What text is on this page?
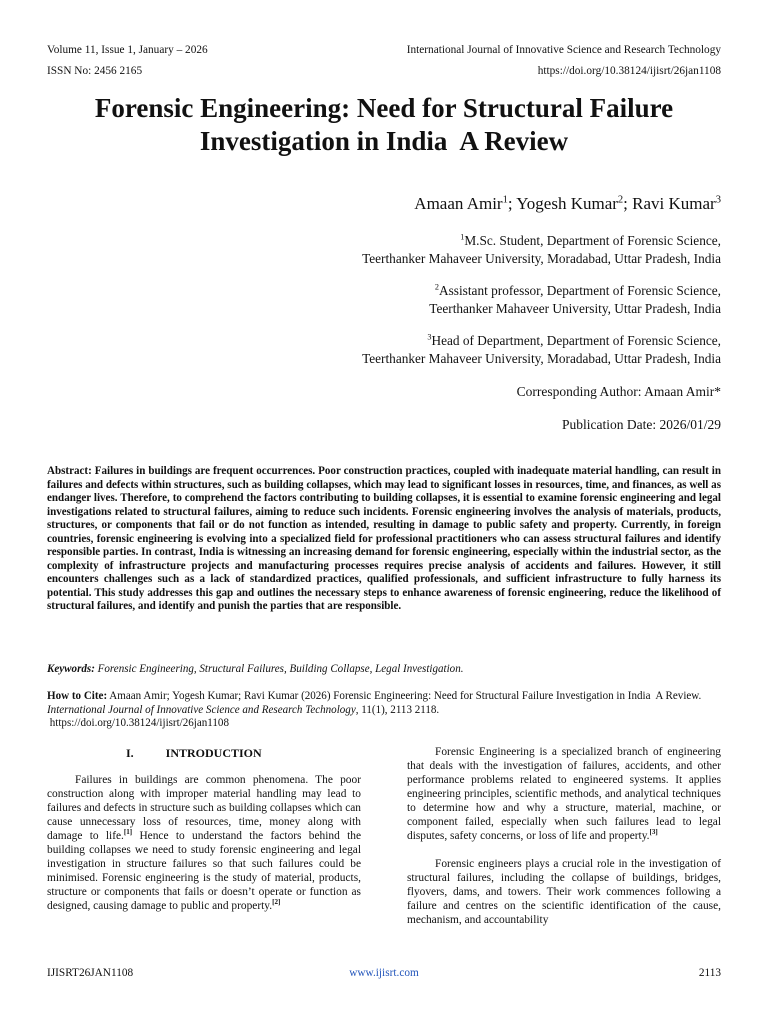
Volume 11, Issue 1, January – 2026	International Journal of Innovative Science and Research Technology
ISSN No: 2456 2165	https://doi.org/10.38124/ijisrt/26jan1108
Forensic Engineering: Need for Structural Failure
Investigation in India  A Review
Amaan Amir$^1$; Yogesh Kumar$^2$; Ravi Kumar$^3$
$^1$M.Sc. Student, Department of Forensic Science,
Teerthanker Mahaveer University, Moradabad, Uttar Pradesh, India
$^2$Assistant professor, Department of Forensic Science,
Teerthanker Mahaveer University, Uttar Pradesh, India
$^3$Head of Department, Department of Forensic Science,
Teerthanker Mahaveer University, Moradabad, Uttar Pradesh, India
Corresponding Author: Amaan Amir*
Publication Date: 2026/01/29
Abstract: Failures in buildings are frequent occurrences. Poor construction practices, coupled with inadequate material handling, can result in failures and defects within structures, such as building collapses, which may lead to significant losses in resources, time, and finances, as well as endanger lives. Therefore, to comprehend the factors contributing to building collapses, it is essential to examine forensic engineering and legal investigations related to structural failures, aiming to reduce such incidents. Forensic engineering involves the analysis of materials, products, structures, or components that fail or do not function as intended, resulting in damage to public safety and property. Currently, in foreign countries, forensic engineering is evolving into a specialized field for professional practitioners who can assess structural failures and identify responsible parties. In contrast, India is witnessing an increasing demand for forensic engineering, especially within the industrial sector, as the complexity of infrastructure projects and manufacturing processes requires precise analysis of accidents and failures. However, it still encounters challenges such as a lack of standardized practices, qualified professionals, and sufficient infrastructure to fully harness its potential. This study addresses this gap and outlines the necessary steps to enhance awareness of forensic engineering, reduce the likelihood of structural failures, and identify and punish the parties that are responsible.
Keywords: Forensic Engineering, Structural Failures, Building Collapse, Legal Investigation.
How to Cite: Amaan Amir; Yogesh Kumar; Ravi Kumar (2026) Forensic Engineering: Need for Structural Failure Investigation in India  A Review. International Journal of Innovative Science and Research Technology, 11(1), 2113 2118.
https://doi.org/10.38124/ijisrt/26jan1108
I.	INTRODUCTION

Failures in buildings are common phenomena. The poor construction along with improper material handling may lead to failures and defects in structure such as building collapses which can cause unnecessary loss of resources, time, money along with damage to life.[1] Hence to understand the factors behind the building collapses we need to study forensic engineering and legal investigation in structure failures so that such failures could be minimised. Forensic engineering is the study of material, products, structure or components that fails or doesn’t operate or function as designed, causing damage to public and property.[2]

Forensic Engineering is a specialized branch of engineering that deals with the investigation of failures, accidents, and other performance problems related to engineered systems. It applies engineering principles, scientific methods, and analytical techniques to determine how and why a structure, material, machine, or component failed, especially when such failures lead to legal disputes, safety concerns, or loss of life and property.[3]

Forensic engineers plays a crucial role in the investigation of structural failures, including the collapse of buildings, bridges, flyovers, dams, and towers. Their work commences following a failure and centres on the scientific identification of the cause, mechanism, and accountability

IJISRT26JAN1108	www.ijisrt.com	2113
